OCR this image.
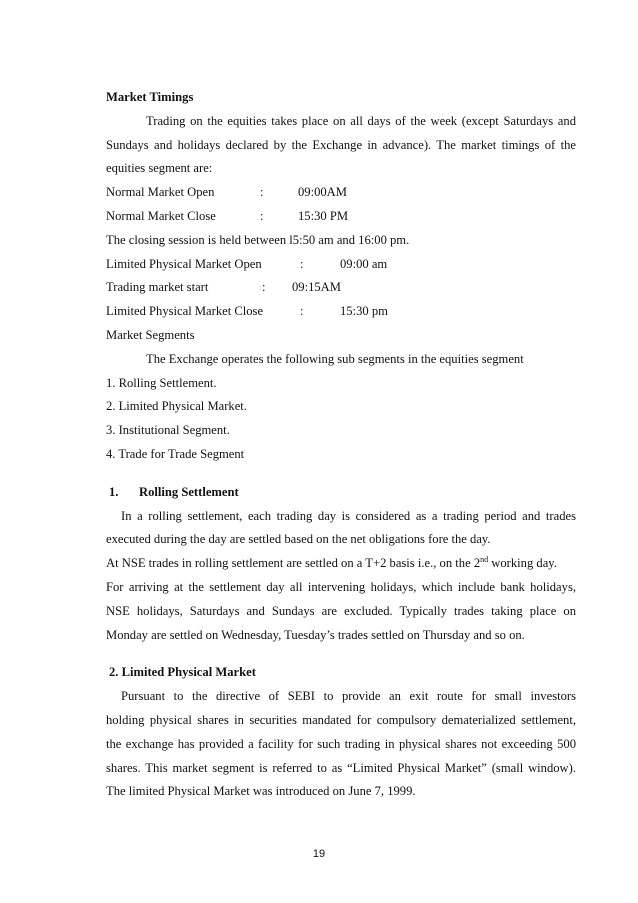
Market Timings
Trading on the equities takes place on all days of the week (except Saturdays and
Sundays and holidays declared by the Exchange in advance). The market timings of the
equities segment are:
Normal Market Open	:	09:00AM
Normal Market Close	:	15:30 PM
The closing session is held between l5:50 am and 16:00 pm.
Limited Physical Market Open	:	09:00 am
Trading market start	: 09:15AM
Limited Physical Market Close	:	15:30 pm
Market Segments
The Exchange operates the following sub segments in the equities segment
1. Rolling Settlement.
2. Limited Physical Market.
3. Institutional Segment.
4. Trade for Trade Segment
1. Rolling Settlement
In a rolling settlement, each trading day is considered as a trading period and trades
executed during the day are settled based on the net obligations fore the day.
At NSE trades in rolling settlement are settled on a T+2 basis i.e., on the 2nd working day.
For arriving at the settlement day all intervening holidays, which include bank holidays,
NSE holidays, Saturdays and Sundays are excluded. Typically trades taking place on
Monday are settled on Wednesday, Tuesday’s trades settled on Thursday and so on.
2. Limited Physical Market
Pursuant to the directive of SEBI to provide an exit route for small investors
holding physical shares in securities mandated for compulsory dematerialized settlement,
the exchange has provided a facility for such trading in physical shares not exceeding 500
shares. This market segment is referred to as “Limited Physical Market” (small window).
The limited Physical Market was introduced on June 7, 1999.
19
